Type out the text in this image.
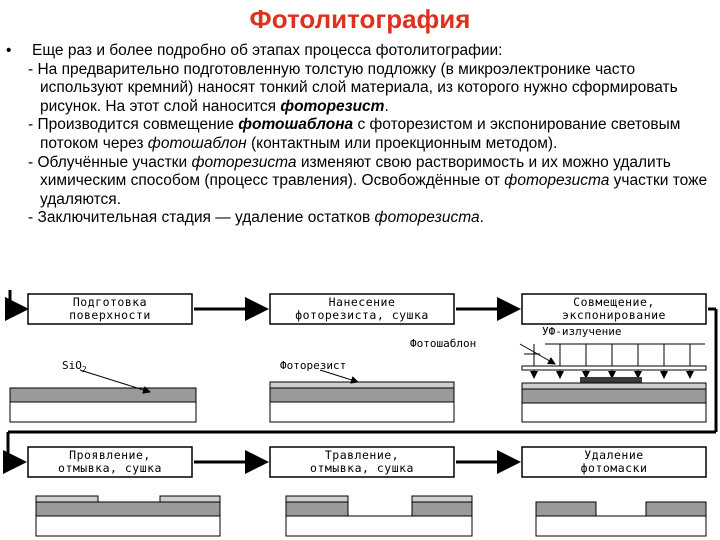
Фотолитография
• Еще раз и более подробно об этапах процесса фотолитографии:
- На предварительно подготовленную толстую подложку (в микроэлектронике часто используют кремний) наносят тонкий слой материала, из которого нужно сформировать рисунок. На этот слой наносится фоторезист.
- Производится совмещение фотошаблона с фоторезистом и экспонирование световым потоком через фотошаблон (контактным или проекционным методом).
- Облучённые участки фоторезиста изменяют свою растворимость и их можно удалить химическим способом (процесс травления). Освобождённые от фоторезиста участки тоже удаляются.
- Заключительная стадия — удаление остатков фоторезиста.
Подготовка
поверхности
Нанесение
фоторезиста, сушка
Совмещение,
экспонирование
Проявление,
отмывка, сушка
Травление,
отмывка, сушка
Удаление
фотомаски
SiO$_2$	Фоторезист
Фотошаблон
УФ-излучение
